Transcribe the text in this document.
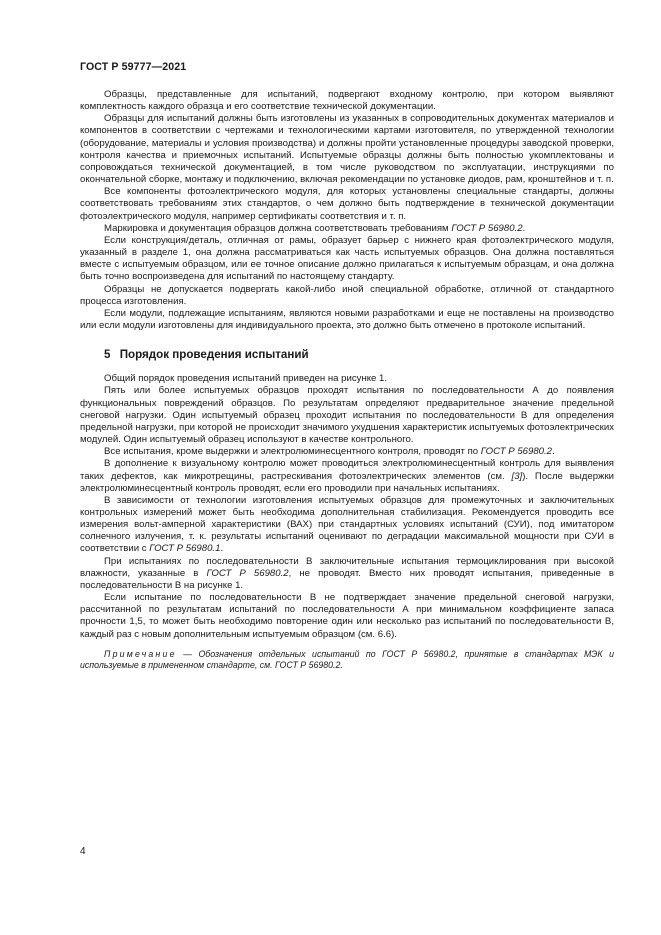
ГОСТ Р 59777—2021

Образцы, представленные для испытаний, подвергают входному контролю, при котором выявляют комплектность каждого образца и его соответствие технической документации.

Образцы для испытаний должны быть изготовлены из указанных в сопроводительных документах материалов и компонентов в соответствии с чертежами и технологическими картами изготовителя, по утвержденной технологии (оборудование, материалы и условия производства) и должны пройти установленные процедуры заводской проверки, контроля качества и приемочных испытаний. Испытуемые образцы должны быть полностью укомплектованы и сопровождаться технической документацией, в том числе руководством по эксплуатации, инструкциями по окончательной сборке, монтажу и подключению, включая рекомендации по установке диодов, рам, кронштейнов и т. п.

Все компоненты фотоэлектрического модуля, для которых установлены специальные стандарты, должны соответствовать требованиям этих стандартов, о чем должно быть подтверждение в технической документации фотоэлектрического модуля, например сертификаты соответствия и т. п.

Маркировка и документация образцов должна соответствовать требованиям ГОСТ Р 56980.2.

Если конструкция/деталь, отличная от рамы, образует барьер с нижнего края фотоэлектрического модуля, указанный в разделе 1, она должна рассматриваться как часть испытуемых образцов. Она должна поставляться вместе с испытуемым образцом, или ее точное описание должно прилагаться к испытуемым образцам, и она должна быть точно воспроизведена для испытаний по настоящему стандарту.

Образцы не допускается подвергать какой-либо иной специальной обработке, отличной от стандартного процесса изготовления.

Если модули, подлежащие испытаниям, являются новыми разработками и еще не поставлены на производство или если модули изготовлены для индивидуального проекта, это должно быть отмечено в протоколе испытаний.

5 Порядок проведения испытаний

Общий порядок проведения испытаний приведен на рисунке 1.

Пять или более испытуемых образцов проходят испытания по последовательности А до появления функциональных повреждений образцов. По результатам определяют предварительное значение предельной снеговой нагрузки. Один испытуемый образец проходит испытания по последовательности В для определения предельной нагрузки, при которой не происходит значимого ухудшения характеристик испытуемых фотоэлектрических модулей. Один испытуемый образец используют в качестве контрольного.

Все испытания, кроме выдержки и электролюминесцентного контроля, проводят по ГОСТ Р 56980.2.

В дополнение к визуальному контролю может проводиться электролюминесцентный контроль для выявления таких дефектов, как микротрещины, растрескивания фотоэлектрических элементов (см. [3]). После выдержки электролюминесцентный контроль проводят, если его проводили при начальных испытаниях.

В зависимости от технологии изготовления испытуемых образцов для промежуточных и заключительных контрольных измерений может быть необходима дополнительная стабилизация. Рекомендуется проводить все измерения вольт-амперной характеристики (ВАХ) при стандартных условиях испытаний (СУИ), под имитатором солнечного излучения, т. к. результаты испытаний оценивают по деградации максимальной мощности при СУИ в соответствии с ГОСТ Р 56980.1.

При испытаниях по последовательности В заключительные испытания термоциклирования при высокой влажности, указанные в ГОСТ Р 56980.2, не проводят. Вместо них проводят испытания, приведенные в последовательности В на рисунке 1.

Если испытание по последовательности В не подтверждает значение предельной снеговой нагрузки, рассчитанной по результатам испытаний по последовательности А при минимальном коэффициенте запаса прочности 1,5, то может быть необходимо повторение один или несколько раз испытаний по последовательности В, каждый раз с новым дополнительным испытуемым образцом (см. 6.6).

Примечание — Обозначения отдельных испытаний по ГОСТ Р 56980.2, принятые в стандартах МЭК и используемые в примененном стандарте, см. ГОСТ Р 56980.2.

4
